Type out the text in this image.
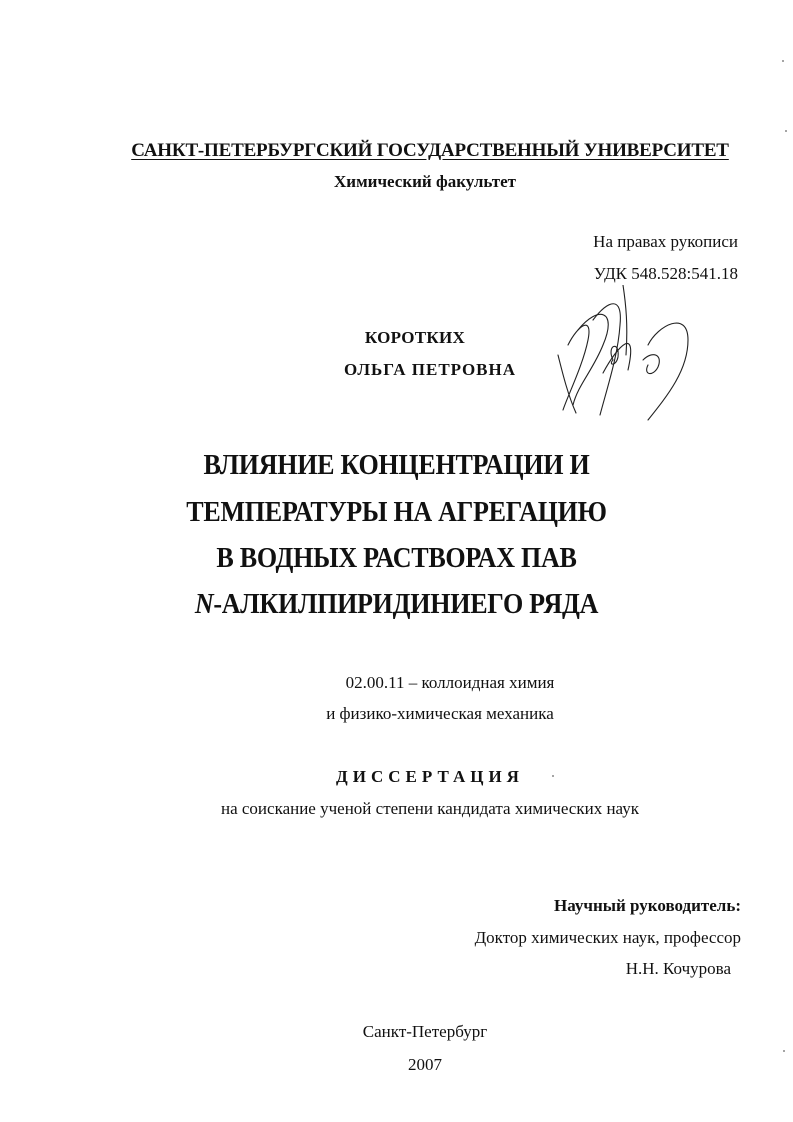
САНКТ-ПЕТЕРБУРГСКИЙ ГОСУДАРСТВЕННЫЙ УНИВЕРСИТЕТ
Химический факультет
На правах рукописи
УДК 548.528:541.18
КОРОТКИХ
ОЛЬГА ПЕТРОВНА
ВЛИЯНИЕ КОНЦЕНТРАЦИИ И
ТЕМПЕРАТУРЫ НА АГРЕГАЦИЮ
В ВОДНЫХ РАСТВОРАХ ПАВ
N-АЛКИЛПИРИДИНИЕГО РЯДА
02.00.11 – коллоидная химия
и физико-химическая механика
ДИССЕРТАЦИЯ
на соискание ученой степени кандидата химических наук
Научный руководитель:
Доктор химических наук, профессор
Н.Н. Кочурова
Санкт-Петербург
2007
